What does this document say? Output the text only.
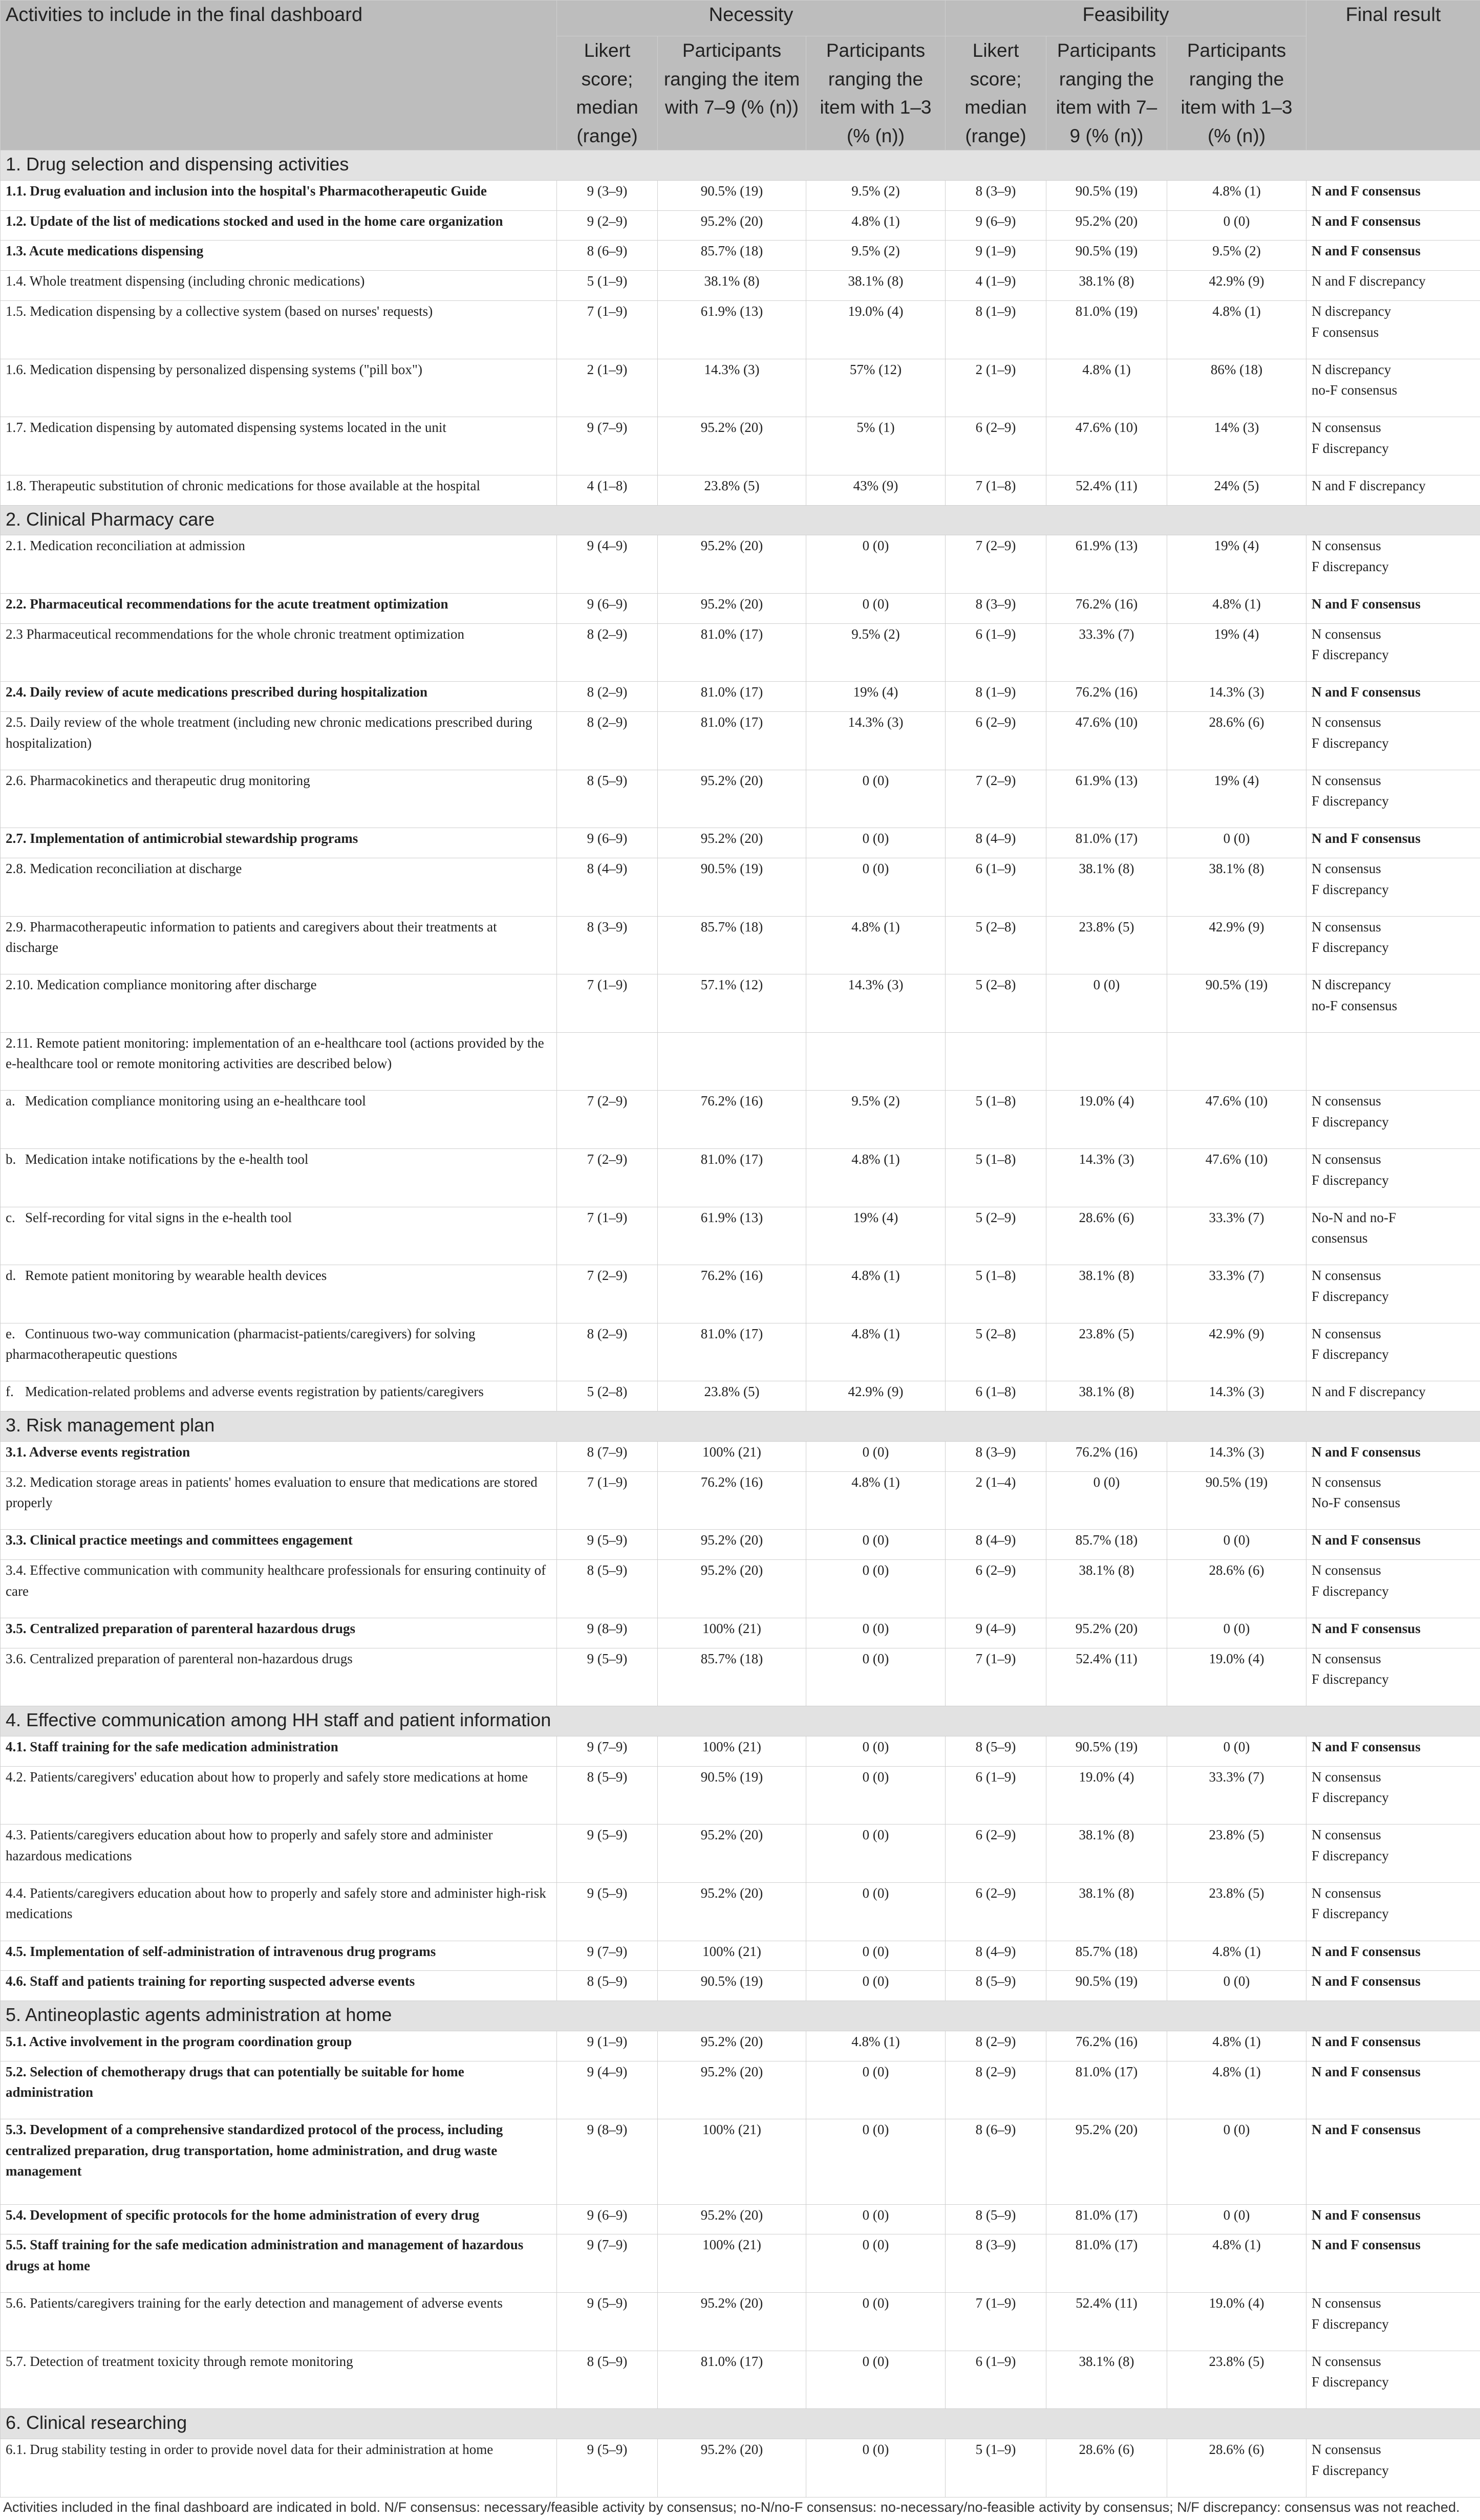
Activities to include in the final dashboard	Necessity			Feasibility			Final result
	Likert score; median (range)	Participants ranging the item with 7–9 (% (n))	Participants ranging the item with 1–3 (% (n))	Likert score; median (range)	Participants ranging the item with 7–9 (% (n))	Participants ranging the item with 1–3 (% (n))	
1. Drug selection and dispensing activities							
1.1. Drug evaluation and inclusion into the hospital's Pharmacotherapeutic Guide	9 (3–9)	90.5% (19)	9.5% (2)	8 (3–9)	90.5% (19)	4.8% (1)	N and F consensus

1.2. Update of the list of medications stocked and used in the home care organization	9 (2–9)	95.2% (20)	4.8% (1)	9 (6–9)	95.2% (20)	0 (0)	N and F consensus

1.3. Acute medications dispensing	8 (6–9)	85.7% (18)	9.5% (2)	9 (1–9)	90.5% (19)	9.5% (2)	N and F consensus

1.4. Whole treatment dispensing (including chronic medications)	5 (1–9)	38.1% (8)	38.1% (8)	4 (1–9)	38.1% (8)	42.9% (9)	N and F discrepancy

1.5. Medication dispensing by a collective system (based on nurses' requests)	7 (1–9)	61.9% (13)	19.0% (4)	8 (1–9)	81.0% (19)	4.8% (1)	N discrepancy
F consensus

1.6. Medication dispensing by personalized dispensing systems ("pill box")	2 (1–9)	14.3% (3)	57% (12)	2 (1–9)	4.8% (1)	86% (18)	N discrepancy
no-F consensus

1.7. Medication dispensing by automated dispensing systems located in the unit	9 (7–9)	95.2% (20)	5% (1)	6 (2–9)	47.6% (10)	14% (3)	N consensus
F discrepancy

1.8. Therapeutic substitution of chronic medications for those available at the hospital	4 (1–8)	23.8% (5)	43% (9)	7 (1–8)	52.4% (11)	24% (5)	N and F discrepancy

2. Clinical Pharmacy care							
2.1. Medication reconciliation at admission	9 (4–9)	95.2% (20)	0 (0)	7 (2–9)	61.9% (13)	19% (4)	N consensus
F discrepancy

2.2. Pharmaceutical recommendations for the acute treatment optimization	9 (6–9)	95.2% (20)	0 (0)	8 (3–9)	76.2% (16)	4.8% (1)	N and F consensus

2.3 Pharmaceutical recommendations for the whole chronic treatment optimization	8 (2–9)	81.0% (17)	9.5% (2)	6 (1–9)	33.3% (7)	19% (4)	N consensus
F discrepancy

2.4. Daily review of acute medications prescribed during hospitalization	8 (2–9)	81.0% (17)	19% (4)	8 (1–9)	76.2% (16)	14.3% (3)	N and F consensus

2.5. Daily review of the whole treatment (including new chronic medications prescribed during hospitalization)	8 (2–9)	81.0% (17)	14.3% (3)	6 (2–9)	47.6% (10)	28.6% (6)	N consensus
F discrepancy

2.6. Pharmacokinetics and therapeutic drug monitoring	8 (5–9)	95.2% (20)	0 (0)	7 (2–9)	61.9% (13)	19% (4)	N consensus
F discrepancy

2.7. Implementation of antimicrobial stewardship programs	9 (6–9)	95.2% (20)	0 (0)	8 (4–9)	81.0% (17)	0 (0)	N and F consensus

2.8. Medication reconciliation at discharge	8 (4–9)	90.5% (19)	0 (0)	6 (1–9)	38.1% (8)	38.1% (8)	N consensus
F discrepancy

2.9. Pharmacotherapeutic information to patients and caregivers about their treatments at discharge	8 (3–9)	85.7% (18)	4.8% (1)	5 (2–8)	23.8% (5)	42.9% (9)	N consensus
F discrepancy

2.10. Medication compliance monitoring after discharge	7 (1–9)	57.1% (12)	14.3% (3)	5 (2–8)	0 (0)	90.5% (19)	N discrepancy
no-F consensus

2.11. Remote patient monitoring: implementation of an e-healthcare tool (actions provided by the e-healthcare tool or remote monitoring activities are described below)							
a. Medication compliance monitoring using an e-healthcare tool	7 (2–9)	76.2% (16)	9.5% (2)	5 (1–8)	19.0% (4)	47.6% (10)	N consensus
F discrepancy

b. Medication intake notifications by the e-health tool	7 (2–9)	81.0% (17)	4.8% (1)	5 (1–8)	14.3% (3)	47.6% (10)	N consensus
F discrepancy

c. Self-recording for vital signs in the e-health tool	7 (1–9)	61.9% (13)	19% (4)	5 (2–9)	28.6% (6)	33.3% (7)	No-N and no-F
consensus

d. Remote patient monitoring by wearable health devices	7 (2–9)	76.2% (16)	4.8% (1)	5 (1–8)	38.1% (8)	33.3% (7)	N consensus
F discrepancy

e. Continuous two-way communication (pharmacist-patients/caregivers) for solving pharmacotherapeutic questions	8 (2–9)	81.0% (17)	4.8% (1)	5 (2–8)	23.8% (5)	42.9% (9)	N consensus
F discrepancy

f. Medication-related problems and adverse events registration by patients/caregivers	5 (2–8)	23.8% (5)	42.9% (9)	6 (1–8)	38.1% (8)	14.3% (3)	N and F discrepancy

3. Risk management plan							
3.1. Adverse events registration	8 (7–9)	100% (21)	0 (0)	8 (3–9)	76.2% (16)	14.3% (3)	N and F consensus

3.2. Medication storage areas in patients' homes evaluation to ensure that medications are stored properly	7 (1–9)	76.2% (16)	4.8% (1)	2 (1–4)	0 (0)	90.5% (19)	N consensus
No-F consensus

3.3. Clinical practice meetings and committees engagement	9 (5–9)	95.2% (20)	0 (0)	8 (4–9)	85.7% (18)	0 (0)	N and F consensus

3.4. Effective communication with community healthcare professionals for ensuring continuity of care	8 (5–9)	95.2% (20)	0 (0)	6 (2–9)	38.1% (8)	28.6% (6)	N consensus
F discrepancy

3.5. Centralized preparation of parenteral hazardous drugs	9 (8–9)	100% (21)	0 (0)	9 (4–9)	95.2% (20)	0 (0)	N and F consensus

3.6. Centralized preparation of parenteral non-hazardous drugs	9 (5–9)	85.7% (18)	0 (0)	7 (1–9)	52.4% (11)	19.0% (4)	N consensus
F discrepancy

4. Effective communication among HH staff and patient information							
4.1. Staff training for the safe medication administration	9 (7–9)	100% (21)	0 (0)	8 (5–9)	90.5% (19)	0 (0)	N and F consensus

4.2. Patients/caregivers' education about how to properly and safely store medications at home	8 (5–9)	90.5% (19)	0 (0)	6 (1–9)	19.0% (4)	33.3% (7)	N consensus
F discrepancy

4.3. Patients/caregivers education about how to properly and safely store and administer hazardous medications	9 (5–9)	95.2% (20)	0 (0)	6 (2–9)	38.1% (8)	23.8% (5)	N consensus
F discrepancy

4.4. Patients/caregivers education about how to properly and safely store and administer high-risk medications	9 (5–9)	95.2% (20)	0 (0)	6 (2–9)	38.1% (8)	23.8% (5)	N consensus
F discrepancy

4.5. Implementation of self-administration of intravenous drug programs	9 (7–9)	100% (21)	0 (0)	8 (4–9)	85.7% (18)	4.8% (1)	N and F consensus

4.6. Staff and patients training for reporting suspected adverse events	8 (5–9)	90.5% (19)	0 (0)	8 (5–9)	90.5% (19)	0 (0)	N and F consensus

5. Antineoplastic agents administration at home							
5.1. Active involvement in the program coordination group	9 (1–9)	95.2% (20)	4.8% (1)	8 (2–9)	76.2% (16)	4.8% (1)	N and F consensus

5.2. Selection of chemotherapy drugs that can potentially be suitable for home administration	9 (4–9)	95.2% (20)	0 (0)	8 (2–9)	81.0% (17)	4.8% (1)	N and F consensus

5.3. Development of a comprehensive standardized protocol of the process, including centralized preparation, drug transportation, home administration, and drug waste management	9 (8–9)	100% (21)	0 (0)	8 (6–9)	95.2% (20)	0 (0)	N and F consensus

5.4. Development of specific protocols for the home administration of every drug	9 (6–9)	95.2% (20)	0 (0)	8 (5–9)	81.0% (17)	0 (0)	N and F consensus

5.5. Staff training for the safe medication administration and management of hazardous drugs at home	9 (7–9)	100% (21)	0 (0)	8 (3–9)	81.0% (17)	4.8% (1)	N and F consensus

5.6. Patients/caregivers training for the early detection and management of adverse events	9 (5–9)	95.2% (20)	0 (0)	7 (1–9)	52.4% (11)	19.0% (4)	N consensus
F discrepancy

5.7. Detection of treatment toxicity through remote monitoring	8 (5–9)	81.0% (17)	0 (0)	6 (1–9)	38.1% (8)	23.8% (5)	N consensus
F discrepancy

6. Clinical researching							
6.1. Drug stability testing in order to provide novel data for their administration at home	9 (5–9)	95.2% (20)	0 (0)	5 (1–9)	28.6% (6)	28.6% (6)	N consensus
F discrepancy
Activities included in the final dashboard are indicated in bold. N/F consensus: necessary/feasible activity by consensus; no-N/no-F consensus: no-necessary/no-feasible activity by consensus; N/F discrepancy: consensus was not reached.
